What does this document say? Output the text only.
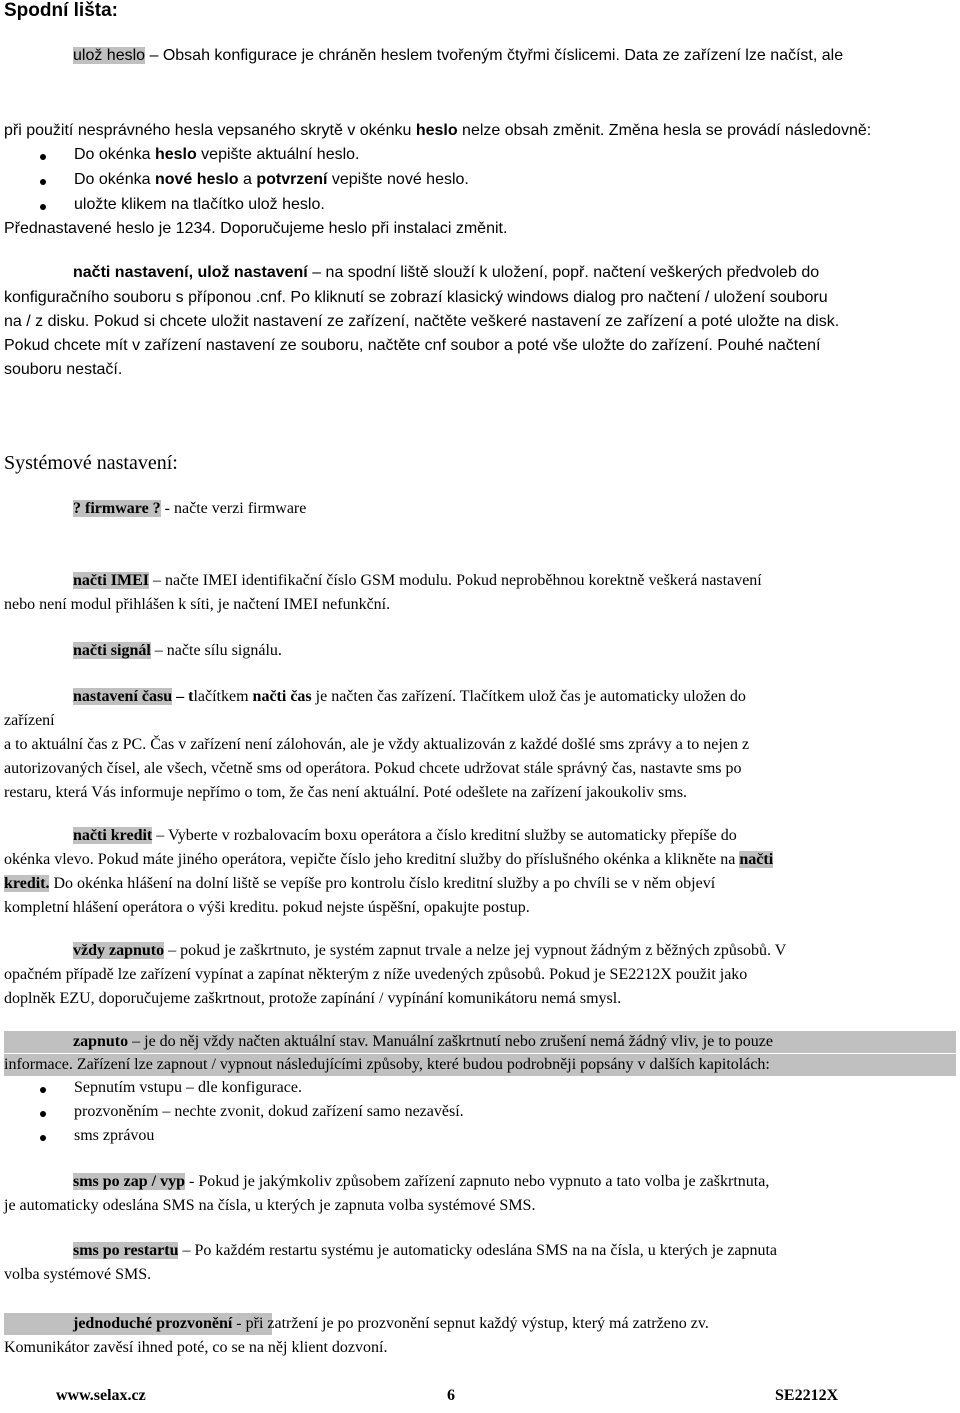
Spodní lišta:
ulož heslo – Obsah konfigurace je chráněn heslem tvořeným čtyřmi číslicemi. Data ze zařízení lze načíst, ale
při použití nesprávného hesla vepsaného skrytě v okénku heslo nelze obsah změnit. Změna hesla se provádí následovně:
Do okénka heslo vepište aktuální heslo.
Do okénka nové heslo a potvrzení vepište nové heslo.
uložte klikem na tlačítko ulož heslo.
Přednastavené heslo je 1234. Doporučujeme heslo při instalaci změnit.
načti nastavení, ulož nastavení – na spodní liště slouží k uložení, popř. načtení veškerých předvoleb do
konfiguračního souboru s příponou .cnf. Po kliknutí se zobrazí klasický windows dialog pro načtení / uložení souboru
na / z disku. Pokud si chcete uložit nastavení ze zařízení, načtěte veškeré nastavení ze zařízení a poté uložte na disk.
Pokud chcete mít v zařízení nastavení ze souboru, načtěte cnf soubor a poté vše uložte do zařízení. Pouhé načtení
souboru nestačí.
Systémové nastavení:
? firmware ? - načte verzi firmware
načti IMEI – načte IMEI identifikační číslo GSM modulu. Pokud neproběhnou korektně veškerá nastavení
nebo není modul přihlášen k síti, je načtení IMEI nefunkční.
načti signál – načte sílu signálu.
nastavení času – tlačítkem načti čas je načten čas zařízení. Tlačítkem ulož čas je automaticky uložen do
zařízení
a to aktuální čas z PC. Čas v zařízení není zálohován, ale je vždy aktualizován z každé došlé sms zprávy a to nejen z
autorizovaných čísel, ale všech, včetně sms od operátora. Pokud chcete udržovat stále správný čas, nastavte sms po
restaru, která Vás informuje nepřímo o tom, že čas není aktuální. Poté odešlete na zařízení jakoukoliv sms.
načti kredit – Vyberte v rozbalovacím boxu operátora a číslo kreditní služby se automaticky přepíše do
okénka vlevo. Pokud máte jiného operátora, vepičte číslo jeho kreditní služby do příslušného okénka a klikněte na načti
kredit. Do okénka hlášení na dolní liště se vepíše pro kontrolu číslo kreditní služby a po chvíli se v něm objeví
kompletní hlášení operátora o výši kreditu. pokud nejste úspěšní, opakujte postup.
vždy zapnuto – pokud je zaškrtnuto, je systém zapnut trvale a nelze jej vypnout žádným z běžných způsobů. V
opačném případě lze zařízení vypínat a zapínat některým z níže uvedených způsobů. Pokud je SE2212X použit jako
doplněk EZU, doporučujeme zaškrtnout, protože zapínání / vypínání komunikátoru nemá smysl.
zapnuto – je do něj vždy načten aktuální stav. Manuální zaškrtnutí nebo zrušení nemá žádný vliv, je to pouze
informace. Zařízení lze zapnout / vypnout následujícími způsoby, které budou podrobněji popsány v dalších kapitolách:
Sepnutím vstupu – dle konfigurace.
prozvoněním – nechte zvonit, dokud zařízení samo nezavěsí.
sms zprávou
sms po zap / vyp - Pokud je jakýmkoliv způsobem zařízení zapnuto nebo vypnuto a tato volba je zaškrtnuta,
je automaticky odeslána SMS na čísla, u kterých je zapnuta volba systémové SMS.
sms po restartu – Po každém restartu systému je automaticky odeslána SMS na na čísla, u kterých je zapnuta
volba systémové SMS.
jednoduché prozvonění - při zatržení je po prozvonění sepnut každý výstup, který má zatrženo zv.
Komunikátor zavěsí ihned poté, co se na něj klient dozvoní.
www.selax.cz	6	SE2212X
